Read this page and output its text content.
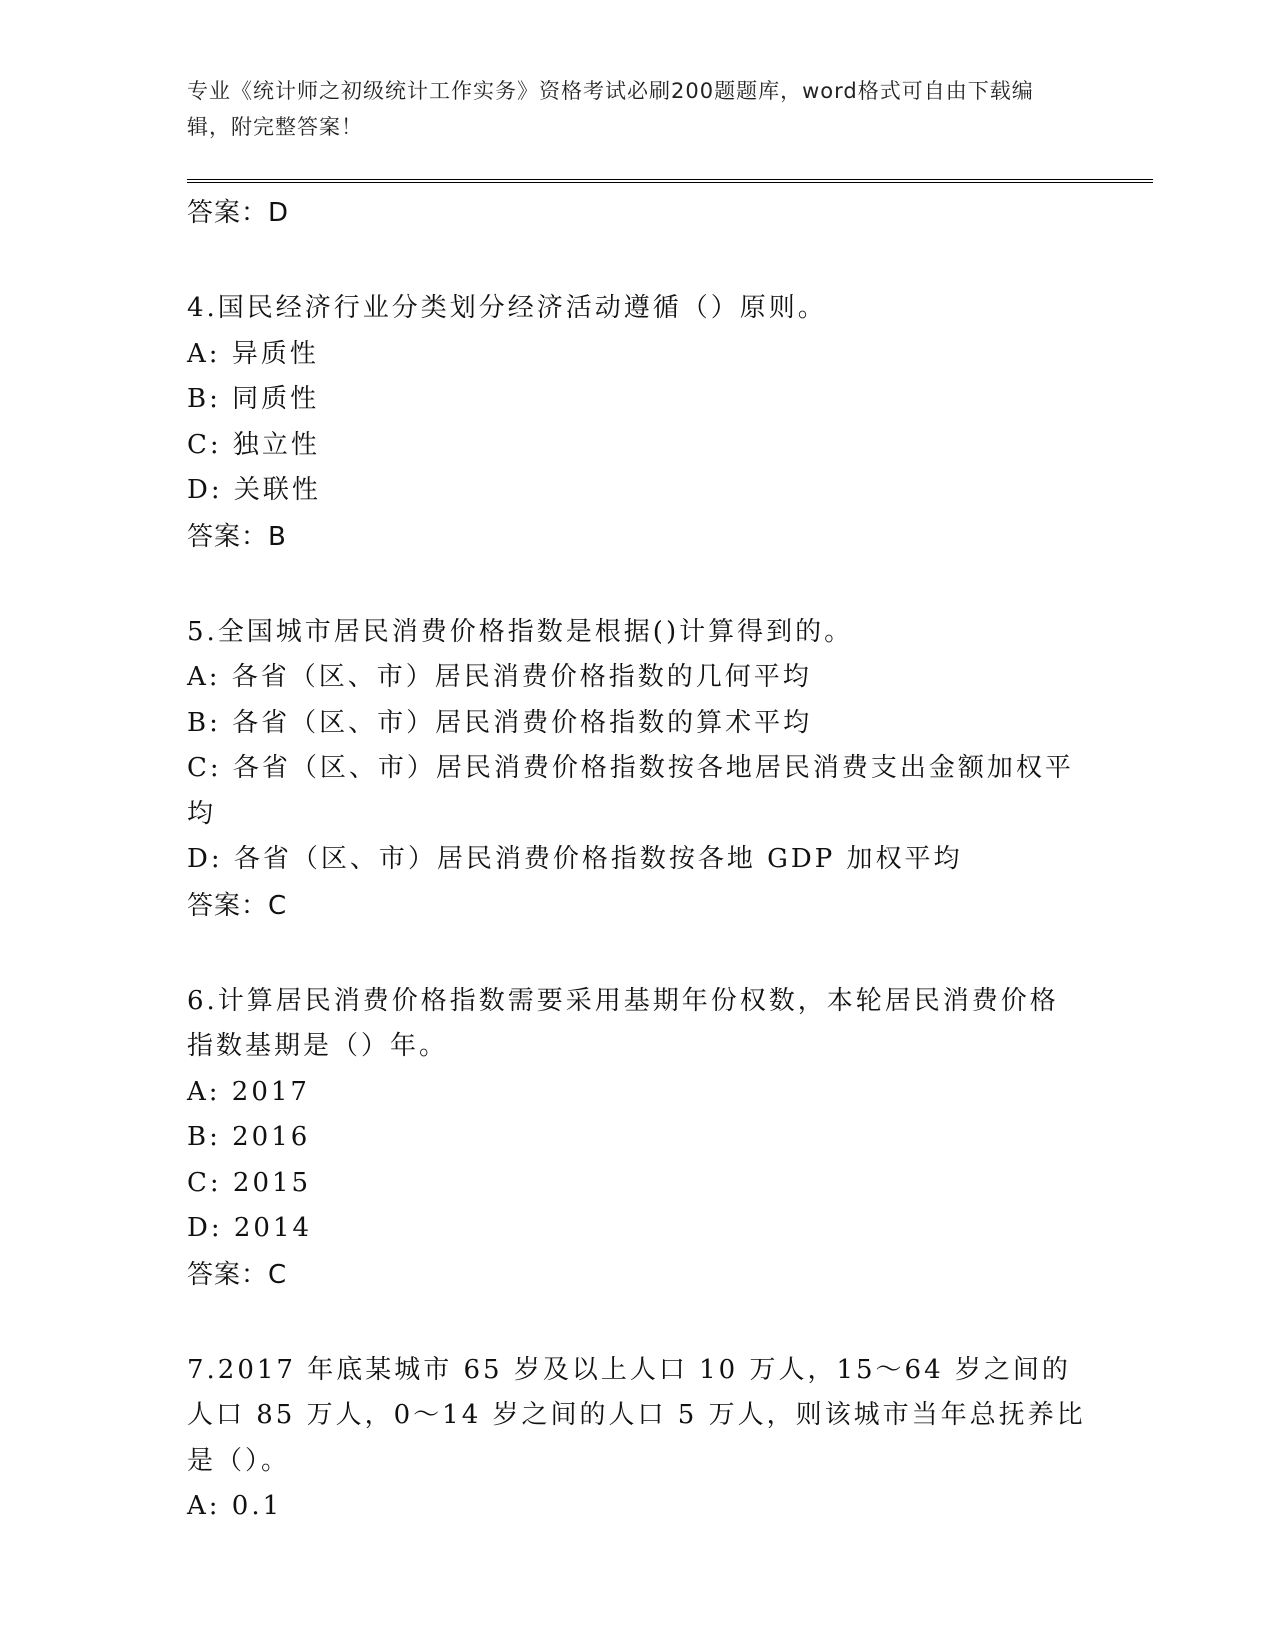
专业《统计师之初级统计工作实务》资格考试必刷200题题库，word格式可自由下载编辑，附完整答案！
答案：D

4.国民经济行业分类划分经济活动遵循（）原则。

A: 异质性

B: 同质性

C: 独立性

D: 关联性

答案：B

5.全国城市居民消费价格指数是根据()计算得到的。

A: 各省（区、市）居民消费价格指数的几何平均

B: 各省（区、市）居民消费价格指数的算术平均

C: 各省（区、市）居民消费价格指数按各地居民消费支出金额加权平均

D: 各省（区、市）居民消费价格指数按各地 GDP 加权平均

答案：C

6.计算居民消费价格指数需要采用基期年份权数，本轮居民消费价格指数基期是（）年。

A: 2017

B: 2016

C: 2015

D: 2014

答案：C

7.2017 年底某城市 65 岁及以上人口 10 万人，15～64 岁之间的人口 85 万人，0～14 岁之间的人口 5 万人，则该城市当年总抚养比是（）。

A: 0.1
